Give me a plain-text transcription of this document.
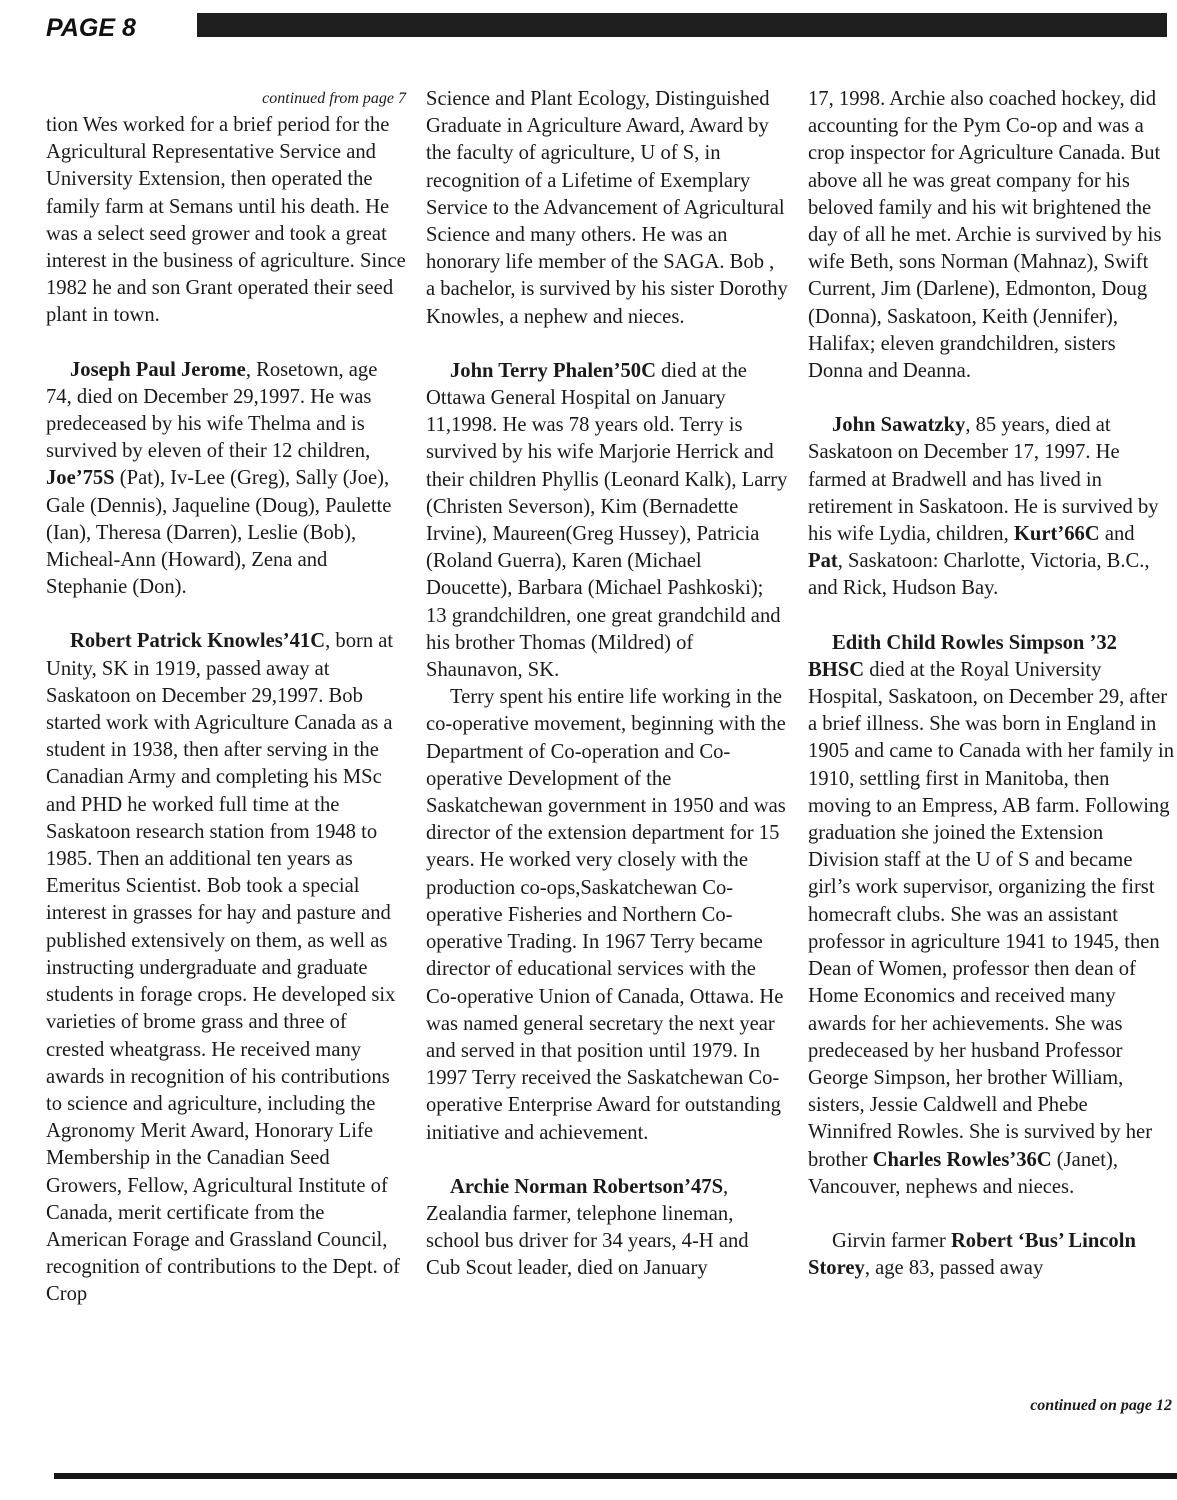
PAGE 8

continued from page 7

tion Wes worked for a brief period for the Agricultural Representative Service and University Extension, then operated the family farm at Semans until his death. He was a select seed grower and took a great interest in the business of agriculture. Since 1982 he and son Grant operated their seed plant in town.

Joseph Paul Jerome, Rosetown, age 74, died on December 29,1997. He was predeceased by his wife Thelma and is survived by eleven of their 12 children, Joe’75S (Pat), Iv-Lee (Greg), Sally (Joe), Gale (Dennis), Jaqueline (Doug), Paulette (Ian), Theresa (Darren), Leslie (Bob), Micheal-Ann (Howard), Zena and Stephanie (Don).

Robert Patrick Knowles’41C, born at Unity, SK in 1919, passed away at Saskatoon on December 29,1997. Bob started work with Agriculture Canada as a student in 1938, then after serving in the Canadian Army and completing his MSc and PHD he worked full time at the Saskatoon research station from 1948 to 1985. Then an additional ten years as Emeritus Scientist. Bob took a special interest in grasses for hay and pasture and published extensively on them, as well as instructing undergraduate and graduate students in forage crops. He developed six varieties of brome grass and three of crested wheatgrass. He received many awards in recognition of his contributions to science and agriculture, including the Agronomy Merit Award, Honorary Life Membership in the Canadian Seed Growers, Fellow, Agricultural Institute of Canada, merit certificate from the American Forage and Grassland Council, recognition of contributions to the Dept. of Crop

Science and Plant Ecology, Distinguished Graduate in Agriculture Award, Award by the faculty of agriculture, U of S, in recognition of a Lifetime of Exemplary Service to the Advancement of Agricultural Science and many others. He was an honorary life member of the SAGA. Bob , a bachelor, is survived by his sister Dorothy Knowles, a nephew and nieces.

John Terry Phalen’50C died at the Ottawa General Hospital on January 11,1998. He was 78 years old. Terry is survived by his wife Marjorie Herrick and their children Phyllis (Leonard Kalk), Larry (Christen Severson), Kim (Bernadette Irvine), Maureen(Greg Hussey), Patricia (Roland Guerra), Karen (Michael Doucette), Barbara (Michael Pashkoski); 13 grandchildren, one great grandchild and his brother Thomas (Mildred) of Shaunavon, SK.

Terry spent his entire life working in the co-operative movement, beginning with the Department of Co-operation and Co-operative Development of the Saskatchewan government in 1950 and was director of the extension department for 15 years. He worked very closely with the production co-ops,Saskatchewan Co-operative Fisheries and Northern Co-operative Trading. In 1967 Terry became director of educational services with the Co-operative Union of Canada, Ottawa. He was named general secretary the next year and served in that position until 1979. In 1997 Terry received the Saskatchewan Co-operative Enterprise Award for outstanding initiative and achievement.

Archie Norman Robertson’47S, Zealandia farmer, telephone lineman, school bus driver for 34 years, 4-H and Cub Scout leader, died on January

17, 1998. Archie also coached hockey, did accounting for the Pym Co-op and was a crop inspector for Agriculture Canada. But above all he was great company for his beloved family and his wit brightened the day of all he met. Archie is survived by his wife Beth, sons Norman (Mahnaz), Swift Current, Jim (Darlene), Edmonton, Doug (Donna), Saskatoon, Keith (Jennifer), Halifax; eleven grandchildren, sisters Donna and Deanna.

John Sawatzky, 85 years, died at Saskatoon on December 17, 1997. He farmed at Bradwell and has lived in retirement in Saskatoon. He is survived by his wife Lydia, children, Kurt’66C and Pat, Saskatoon: Charlotte, Victoria, B.C., and Rick, Hudson Bay.

Edith Child Rowles Simpson ’32 BHSC died at the Royal University Hospital, Saskatoon, on December 29, after a brief illness. She was born in England in 1905 and came to Canada with her family in 1910, settling first in Manitoba, then moving to an Empress, AB farm. Following graduation she joined the Extension Division staff at the U of S and became girl’s work supervisor, organizing the first homecraft clubs. She was an assistant professor in agriculture 1941 to 1945, then Dean of Women, professor then dean of Home Economics and received many awards for her achievements. She was predeceased by her husband Professor George Simpson, her brother William, sisters, Jessie Caldwell and Phebe Winnifred Rowles. She is survived by her brother Charles Rowles’36C (Janet), Vancouver, nephews and nieces.

Girvin farmer Robert ‘Bus’ Lincoln Storey, age 83, passed away

continued on page 12
